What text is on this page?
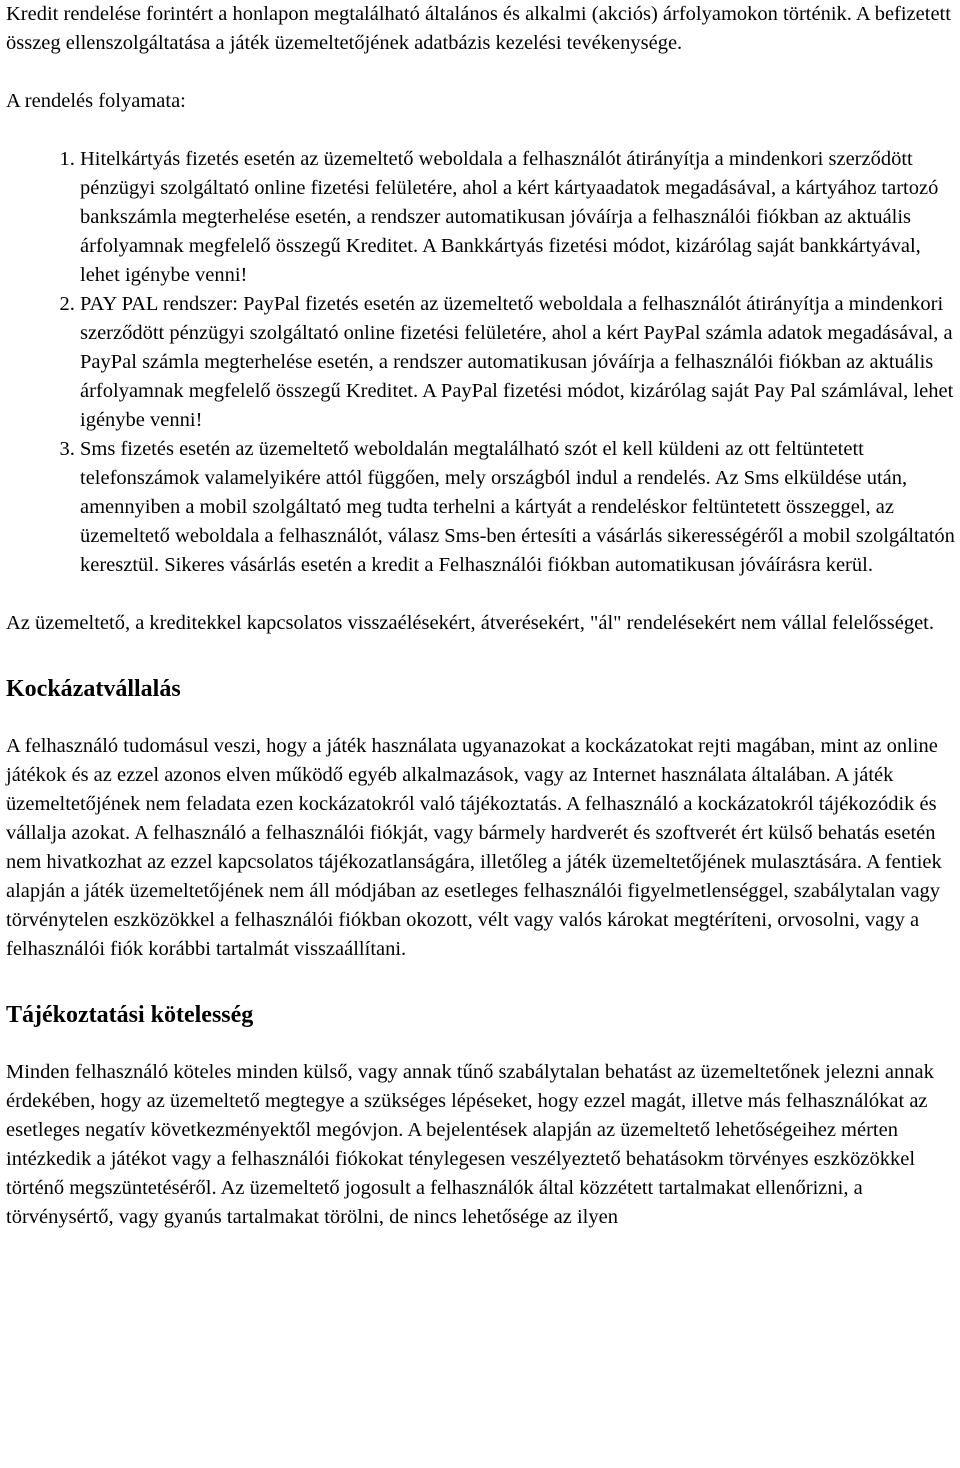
Kredit rendelése forintért a honlapon megtalálható általános és alkalmi (akciós) árfolyamokon történik. A befizetett összeg ellenszolgáltatása a játék üzemeltetőjének adatbázis kezelési tevékenysége.

A rendelés folyamata:

1. Hitelkártyás fizetés esetén az üzemeltető weboldala a felhasználót átirányítja a mindenkori szerződött pénzügyi szolgáltató online fizetési felületére, ahol a kért kártyaadatok megadásával, a kártyához tartozó bankszámla megterhelése esetén, a rendszer automatikusan jóváírja a felhasználói fiókban az aktuális árfolyamnak megfelelő összegű Kreditet. A Bankkártyás fizetési módot, kizárólag saját bankkártyával, lehet igénybe venni!
2. PAY PAL rendszer: PayPal fizetés esetén az üzemeltető weboldala a felhasználót átirányítja a mindenkori szerződött pénzügyi szolgáltató online fizetési felületére, ahol a kért PayPal számla adatok megadásával, a PayPal számla megterhelése esetén, a rendszer automatikusan jóváírja a felhasználói fiókban az aktuális árfolyamnak megfelelő összegű Kreditet. A PayPal fizetési módot, kizárólag saját Pay Pal számlával, lehet igénybe venni!
3. Sms fizetés esetén az üzemeltető weboldalán megtalálható szót el kell küldeni az ott feltüntetett telefonszámok valamelyikére attól függően, mely országból indul a rendelés. Az Sms elküldése után, amennyiben a mobil szolgáltató meg tudta terhelni a kártyát a rendeléskor feltüntetett összeggel, az üzemeltető weboldala a felhasználót, válasz Sms-ben értesíti a vásárlás sikerességéről a mobil szolgáltatón keresztül. Sikeres vásárlás esetén a kredit a Felhasználói fiókban automatikusan jóváírásra kerül.

Az üzemeltető, a kreditekkel kapcsolatos visszaélésekért, átverésekért, "ál" rendelésekért nem vállal felelősséget.

Kockázatvállalás

A felhasználó tudomásul veszi, hogy a játék használata ugyanazokat a kockázatokat rejti magában, mint az online játékok és az ezzel azonos elven működő egyéb alkalmazások, vagy az Internet használata általában. A játék üzemeltetőjének nem feladata ezen kockázatokról való tájékoztatás. A felhasználó a kockázatokról tájékozódik és vállalja azokat. A felhasználó a felhasználói fiókját, vagy bármely hardverét és szoftverét ért külső behatás esetén nem hivatkozhat az ezzel kapcsolatos tájékozatlanságára, illetőleg a játék üzemeltetőjének mulasztására. A fentiek alapján a játék üzemeltetőjének nem áll módjában az esetleges felhasználói figyelmetlenséggel, szabálytalan vagy törvénytelen eszközökkel a felhasználói fiókban okozott, vélt vagy valós károkat megtéríteni, orvosolni, vagy a felhasználói fiók korábbi tartalmát visszaállítani.

Tájékoztatási kötelesség

Minden felhasználó köteles minden külső, vagy annak tűnő szabálytalan behatást az üzemeltetőnek jelezni annak érdekében, hogy az üzemeltető megtegye a szükséges lépéseket, hogy ezzel magát, illetve más felhasználókat az esetleges negatív következményektől megóvjon. A bejelentések alapján az üzemeltető lehetőségeihez mérten intézkedik a játékot vagy a felhasználói fiókokat ténylegesen veszélyeztető behatásokm törvényes eszközökkel történő megszüntetéséről. Az üzemeltető jogosult a felhasználók által közzétett tartalmakat ellenőrizni, a törvénysértő, vagy gyanús tartalmakat törölni, de nincs lehetősége az ilyen
